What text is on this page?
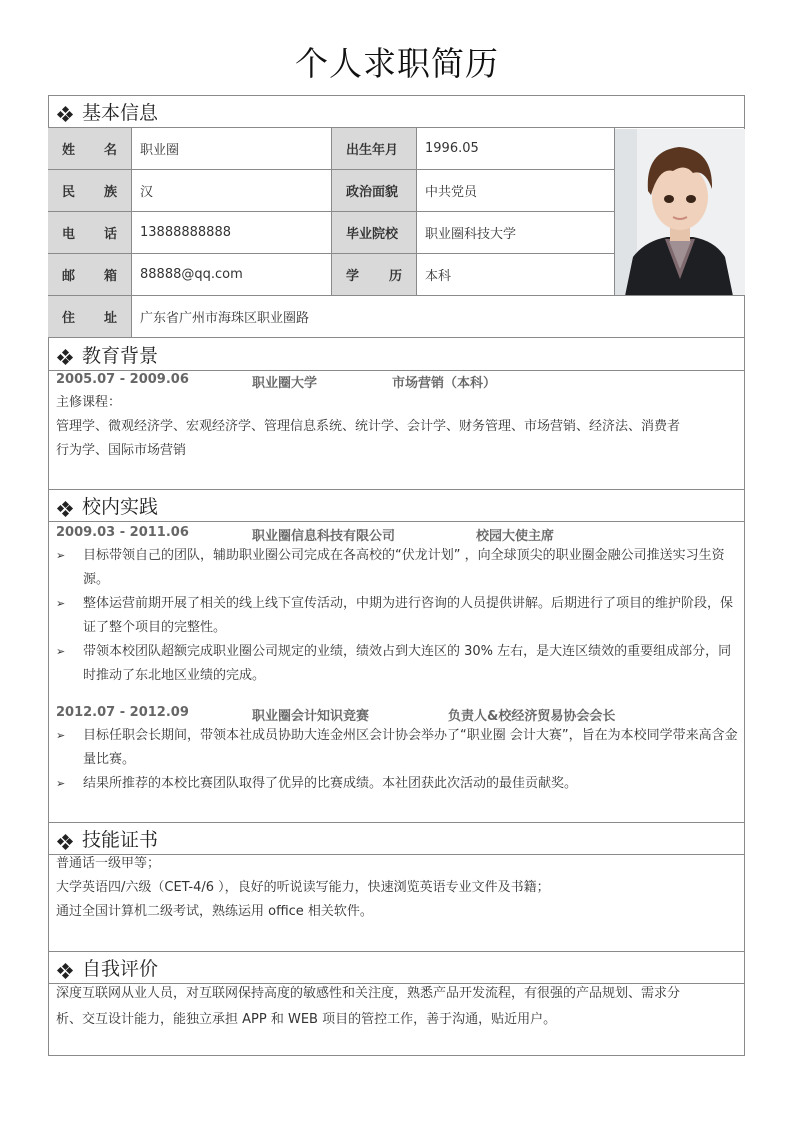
个人求职简历
基本信息
姓 名	职业圈	出生年月	1996.05
民 族	汉	政治面貌	中共党员
电 话	13888888888	毕业院校	职业圈科技大学
邮 箱	88888@qq.com	学 历	本科
住 址	广东省广州市海珠区职业圈路
教育背景
2005.07 - 2009.06	职业圈大学	市场营销（本科）
主修课程：
管理学、微观经济学、宏观经济学、管理信息系统、统计学、会计学、财务管理、市场营销、经济法、消费者
行为学、国际市场营销
校内实践
2009.03 - 2011.06	职业圈信息科技有限公司	校园大使主席
➢ 目标带领自己的团队，辅助职业圈公司完成在各高校的“伏龙计划” ，向全球顶尖的职业圈金融公司推送实习生资源。
➢ 整体运营前期开展了相关的线上线下宣传活动，中期为进行咨询的人员提供讲解。后期进行了项目的维护阶段，保证了整个项目的完整性。
➢ 带领本校团队超额完成职业圈公司规定的业绩，绩效占到大连区的 30% 左右，是大连区绩效的重要组成部分，同时推动了东北地区业绩的完成。
2012.07 - 2012.09	职业圈会计知识竞赛	负责人&校经济贸易协会会长
➢ 目标任职会长期间，带领本社成员协助大连金州区会计协会举办了“职业圈 会计大赛”，旨在为本校同学带来高含金量比赛。
➢ 结果所推荐的本校比赛团队取得了优异的比赛成绩。本社团获此次活动的最佳贡献奖。
技能证书
普通话一级甲等；
大学英语四/六级（CET-4/6 ），良好的听说读写能力，快速浏览英语专业文件及书籍；
通过全国计算机二级考试，熟练运用 office 相关软件。
自我评价
深度互联网从业人员，对互联网保持高度的敏感性和关注度，熟悉产品开发流程，有很强的产品规划、需求分
析、交互设计能力，能独立承担 APP 和 WEB 项目的管控工作，善于沟通，贴近用户。
